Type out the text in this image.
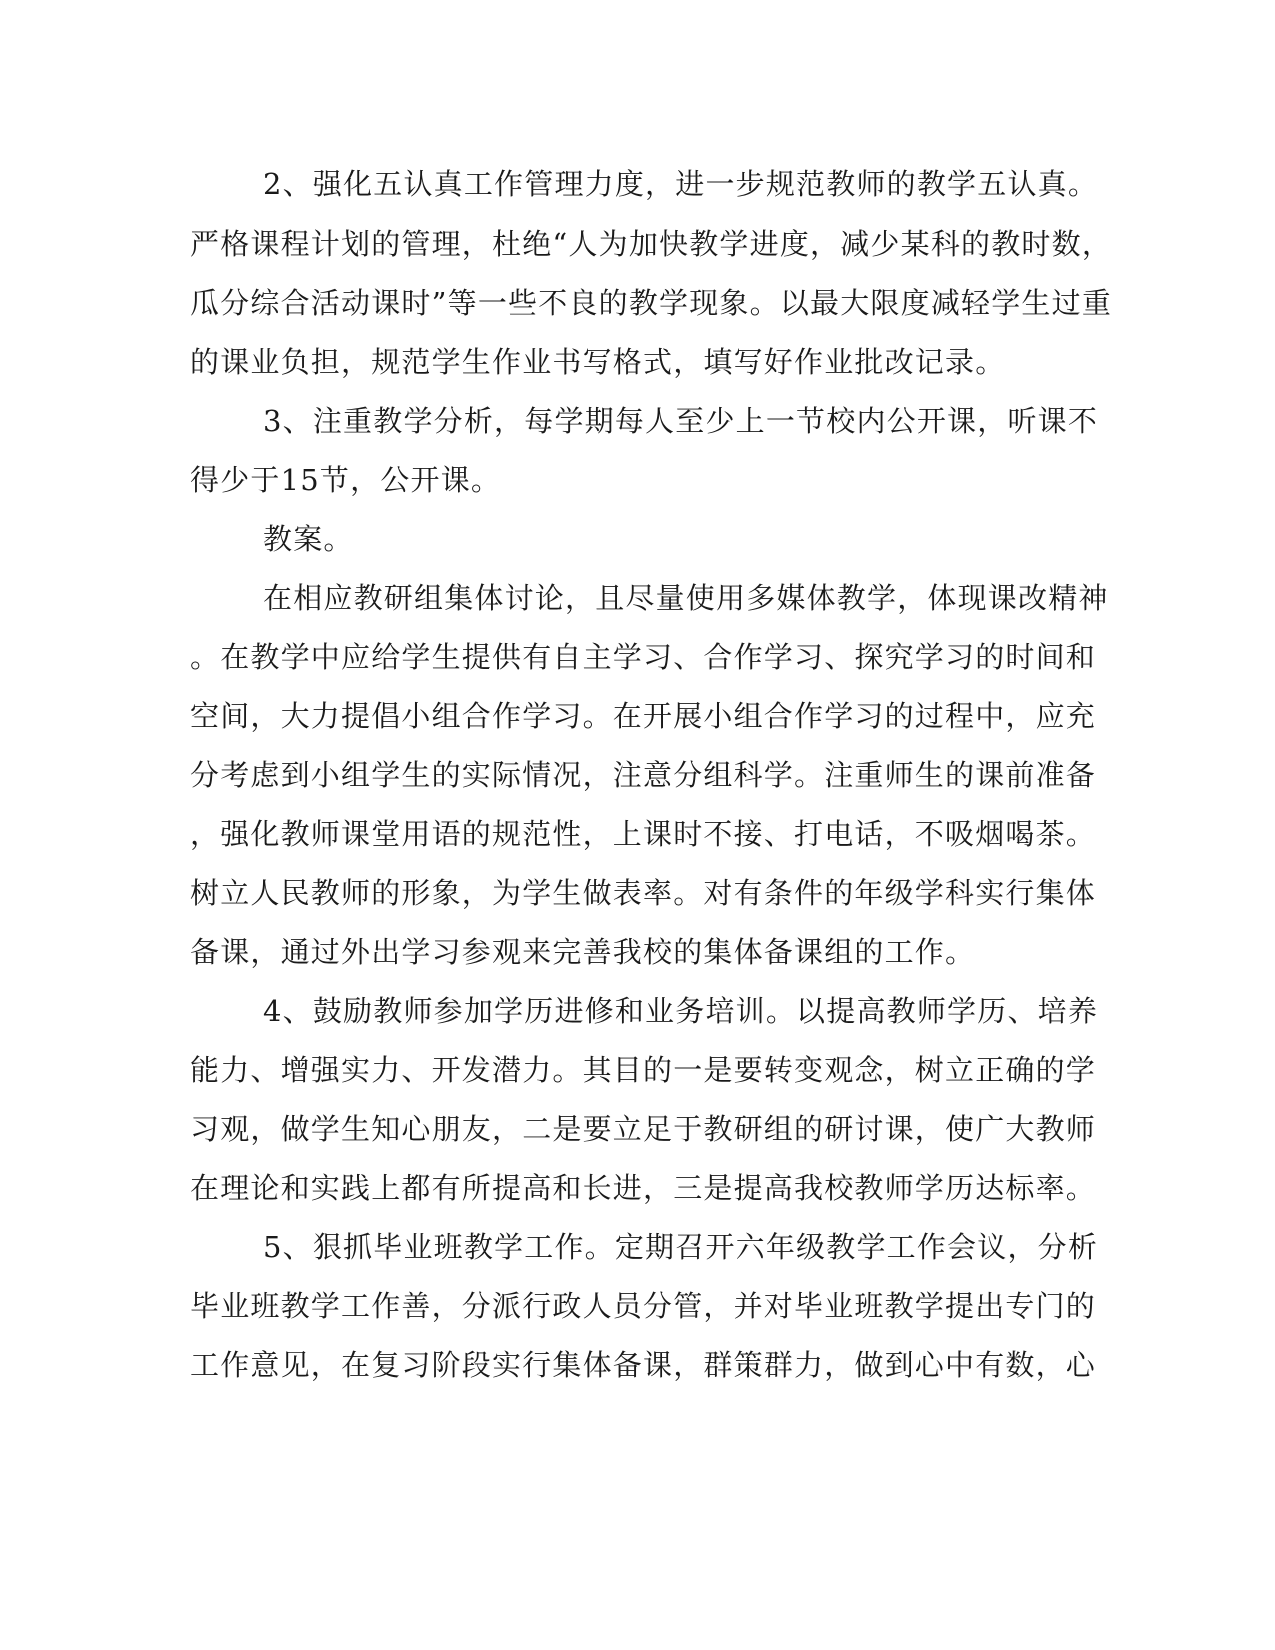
2、强化五认真工作管理力度，进一步规范教师的教学五认真。
严格课程计划的管理，杜绝“人为加快教学进度，减少某科的教时数，
瓜分综合活动课时”等一些不良的教学现象。以最大限度减轻学生过重
的课业负担，规范学生作业书写格式，填写好作业批改记录。
3、注重教学分析，每学期每人至少上一节校内公开课，听课不
得少于15节，公开课。
教案。
在相应教研组集体讨论，且尽量使用多媒体教学，体现课改精神
。在教学中应给学生提供有自主学习、合作学习、探究学习的时间和
空间，大力提倡小组合作学习。在开展小组合作学习的过程中，应充
分考虑到小组学生的实际情况，注意分组科学。注重师生的课前准备
，强化教师课堂用语的规范性，上课时不接、打电话，不吸烟喝茶。
树立人民教师的形象，为学生做表率。对有条件的年级学科实行集体
备课，通过外出学习参观来完善我校的集体备课组的工作。
4、鼓励教师参加学历进修和业务培训。以提高教师学历、培养
能力、增强实力、开发潜力。其目的一是要转变观念，树立正确的学
习观，做学生知心朋友，二是要立足于教研组的研讨课，使广大教师
在理论和实践上都有所提高和长进，三是提高我校教师学历达标率。
5、狠抓毕业班教学工作。定期召开六年级教学工作会议，分析
毕业班教学工作善，分派行政人员分管，并对毕业班教学提出专门的
工作意见，在复习阶段实行集体备课，群策群力，做到心中有数，心
